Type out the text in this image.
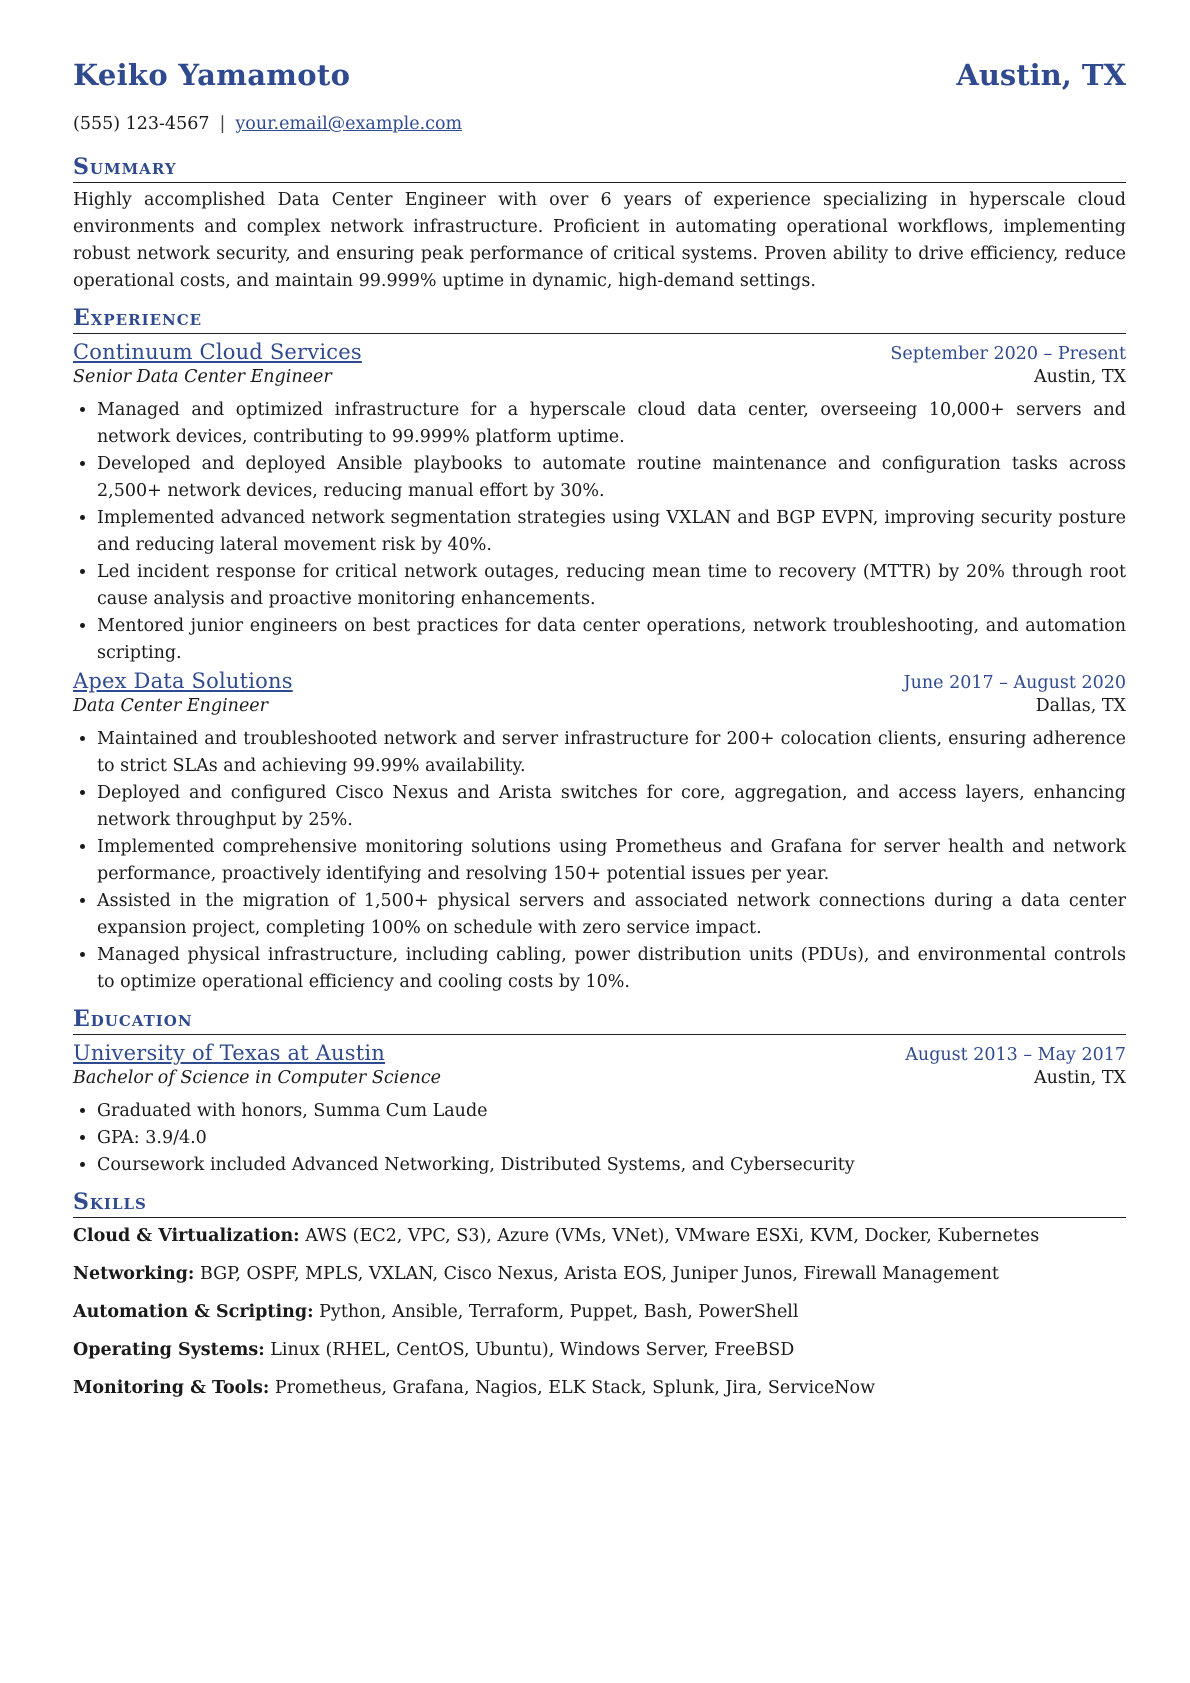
Keiko Yamamoto	Austin, TX
(555) 123-4567 | your.email@example.com
Summary
Highly accomplished Data Center Engineer with over 6 years of experience specializing in hyperscale cloud environments and complex network infrastructure. Proficient in automating operational workflows, implementing robust network security, and ensuring peak performance of critical systems. Proven ability to drive efficiency, reduce operational costs, and maintain 99.999% uptime in dynamic, high-demand settings.
Experience
Continuum Cloud Services	September 2020 – Present
Senior Data Center Engineer	Austin, TX
• Managed and optimized infrastructure for a hyperscale cloud data center, overseeing 10,000+ servers and network devices, contributing to 99.999% platform uptime.
• Developed and deployed Ansible playbooks to automate routine maintenance and configuration tasks across 2,500+ network devices, reducing manual effort by 30%.
• Implemented advanced network segmentation strategies using VXLAN and BGP EVPN, improving security posture and reducing lateral movement risk by 40%.
• Led incident response for critical network outages, reducing mean time to recovery (MTTR) by 20% through root cause analysis and proactive monitoring enhancements.
• Mentored junior engineers on best practices for data center operations, network troubleshooting, and automation scripting.
Apex Data Solutions	June 2017 – August 2020
Data Center Engineer	Dallas, TX
• Maintained and troubleshooted network and server infrastructure for 200+ colocation clients, ensuring adherence to strict SLAs and achieving 99.99% availability.
• Deployed and configured Cisco Nexus and Arista switches for core, aggregation, and access layers, enhancing network throughput by 25%.
• Implemented comprehensive monitoring solutions using Prometheus and Grafana for server health and network performance, proactively identifying and resolving 150+ potential issues per year.
• Assisted in the migration of 1,500+ physical servers and associated network connections during a data center expansion project, completing 100% on schedule with zero service impact.
• Managed physical infrastructure, including cabling, power distribution units (PDUs), and environmental controls to optimize operational efficiency and cooling costs by 10%.
Education
University of Texas at Austin	August 2013 – May 2017
Bachelor of Science in Computer Science	Austin, TX
• Graduated with honors, Summa Cum Laude
• GPA: 3.9/4.0
• Coursework included Advanced Networking, Distributed Systems, and Cybersecurity
Skills
Cloud & Virtualization: AWS (EC2, VPC, S3), Azure (VMs, VNet), VMware ESXi, KVM, Docker, Kubernetes
Networking: BGP, OSPF, MPLS, VXLAN, Cisco Nexus, Arista EOS, Juniper Junos, Firewall Management
Automation & Scripting: Python, Ansible, Terraform, Puppet, Bash, PowerShell
Operating Systems: Linux (RHEL, CentOS, Ubuntu), Windows Server, FreeBSD
Monitoring & Tools: Prometheus, Grafana, Nagios, ELK Stack, Splunk, Jira, ServiceNow
